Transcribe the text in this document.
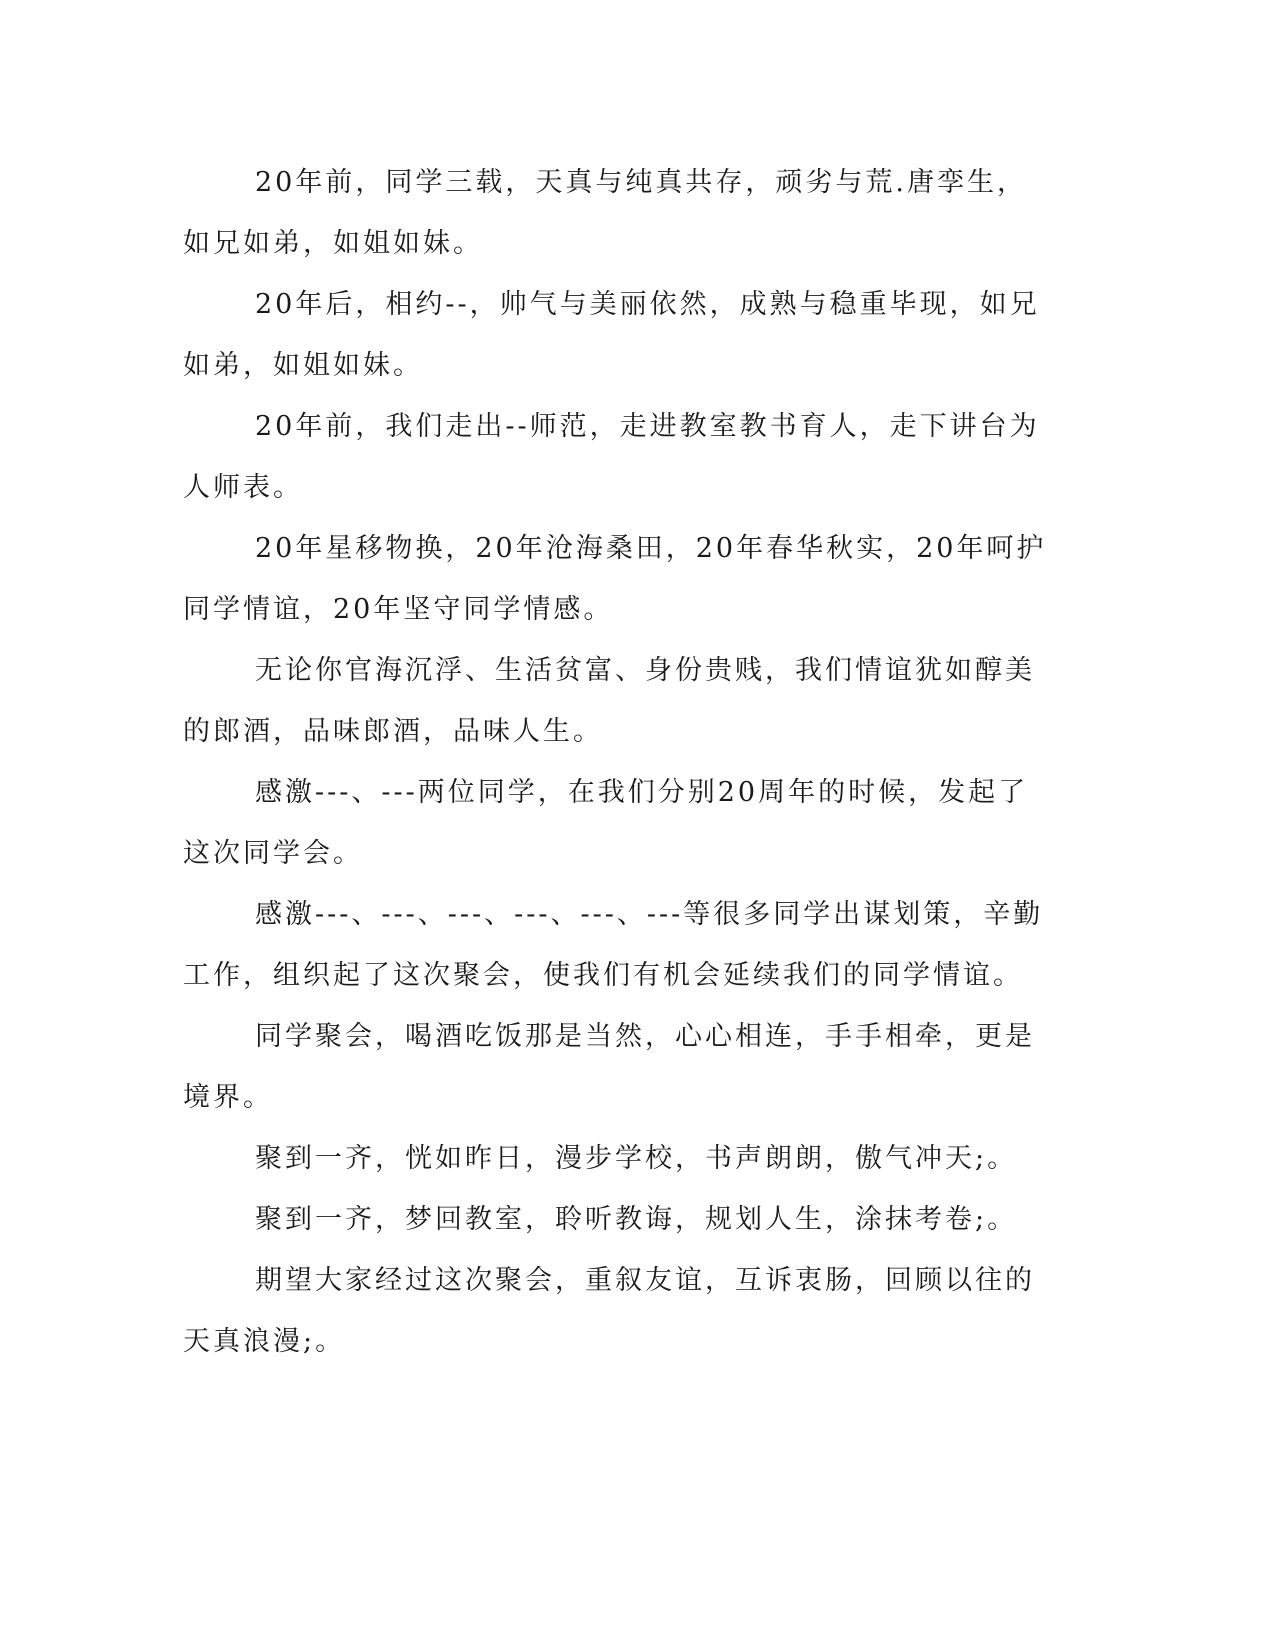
20年前，同学三载，天真与纯真共存，顽劣与荒.唐孪生，如兄如弟，如姐如妹。

20年后，相约--，帅气与美丽依然，成熟与稳重毕现，如兄如弟，如姐如妹。

20年前，我们走出--师范，走进教室教书育人，走下讲台为人师表。

20年星移物换，20年沧海桑田，20年春华秋实，20年呵护同学情谊，20年坚守同学情感。

无论你官海沉浮、生活贫富、身份贵贱，我们情谊犹如醇美的郎酒，品味郎酒，品味人生。

感激---、---两位同学，在我们分别20周年的时候，发起了这次同学会。

感激---、---、---、---、---、---等很多同学出谋划策，辛勤工作，组织起了这次聚会，使我们有机会延续我们的同学情谊。

同学聚会，喝酒吃饭那是当然，心心相连，手手相牵，更是境界。

聚到一齐，恍如昨日，漫步学校，书声朗朗，傲气冲天;。

聚到一齐，梦回教室，聆听教诲，规划人生，涂抹考卷;。

期望大家经过这次聚会，重叙友谊，互诉衷肠，回顾以往的天真浪漫;。
